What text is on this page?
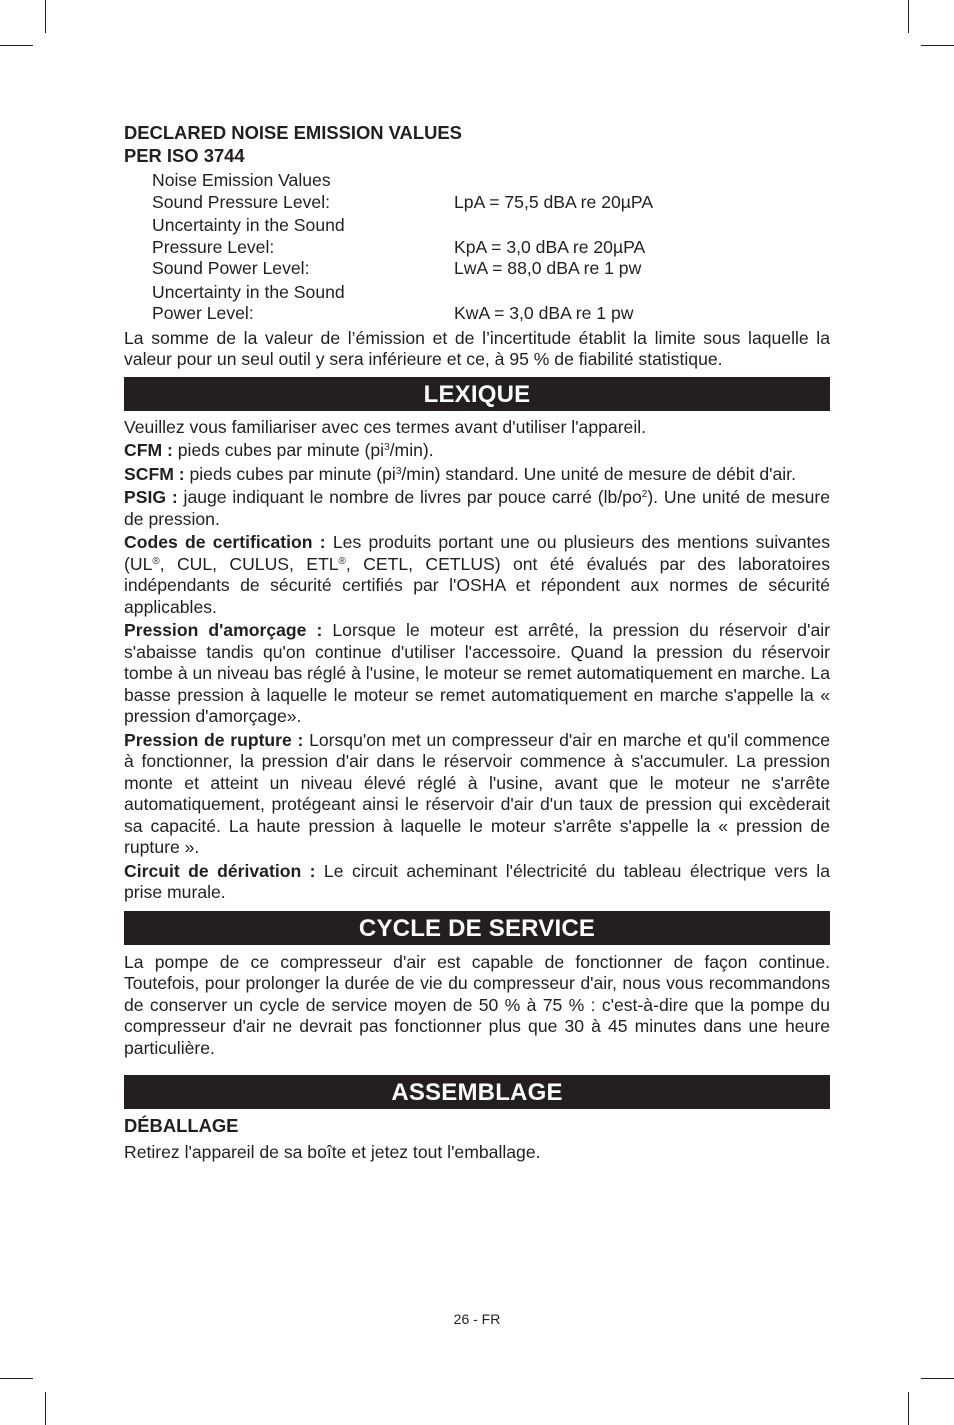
DECLARED NOISE EMISSION VALUES
PER ISO 3744

Noise Emission Values
Sound Pressure Level:	LpA = 75,5 dBA re 20µPA
Uncertainty in the Sound
Pressure Level:	KpA = 3,0 dBA re 20µPA
Sound Power Level:	LwA = 88,0 dBA re 1 pw
Uncertainty in the Sound
Power Level:	KwA = 3,0 dBA re 1 pw

La somme de la valeur de l’émission et de l’incertitude établit la limite sous laquelle la valeur pour un seul outil y sera inférieure et ce, à 95 % de fiabilité statistique.

LEXIQUE

Veuillez vous familiariser avec ces termes avant d'utiliser l'appareil.

CFM : pieds cubes par minute $(pi^3/\min)$.

SCFM : pieds cubes par minute $(pi^3/\min)$ standard. Une unité de mesure de débit d'air.

PSIG : jauge indiquant le nombre de livres par pouce carré $(lb/po^2)$. Une unité de mesure de pression.

Codes de certification : Les produits portant une ou plusieurs des mentions suivantes (UL®, CUL, CULUS, ETL®, CETL, CETLUS) ont été évalués par des laboratoires indépendants de sécurité certifiés par l'OSHA et répondent aux normes de sécurité applicables.

Pression d'amorçage : Lorsque le moteur est arrêté, la pression du réservoir d'air s'abaisse tandis qu'on continue d'utiliser l'accessoire. Quand la pression du réservoir tombe à un niveau bas réglé à l'usine, le moteur se remet automatiquement en marche. La basse pression à laquelle le moteur se remet automatiquement en marche s'appelle la « pression d'amorçage».

Pression de rupture : Lorsqu'on met un compresseur d'air en marche et qu'il commence à fonctionner, la pression d'air dans le réservoir commence à s'accumuler. La pression monte et atteint un niveau élevé réglé à l'usine, avant que le moteur ne s'arrête automatiquement, protégeant ainsi le réservoir d'air d'un taux de pression qui excèderait sa capacité. La haute pression à laquelle le moteur s'arrête s'appelle la « pression de rupture ».

Circuit de dérivation : Le circuit acheminant l'électricité du tableau électrique vers la prise murale.

CYCLE DE SERVICE

La pompe de ce compresseur d'air est capable de fonctionner de façon continue. Toutefois, pour prolonger la durée de vie du compresseur d'air, nous vous recommandons de conserver un cycle de service moyen de 50 % à 75 % : c'est-à-dire que la pompe du compresseur d'air ne devrait pas fonctionner plus que 30 à 45 minutes dans une heure particulière.

ASSEMBLAGE

DÉBALLAGE

Retirez l'appareil de sa boîte et jetez tout l'emballage.

26 - FR
